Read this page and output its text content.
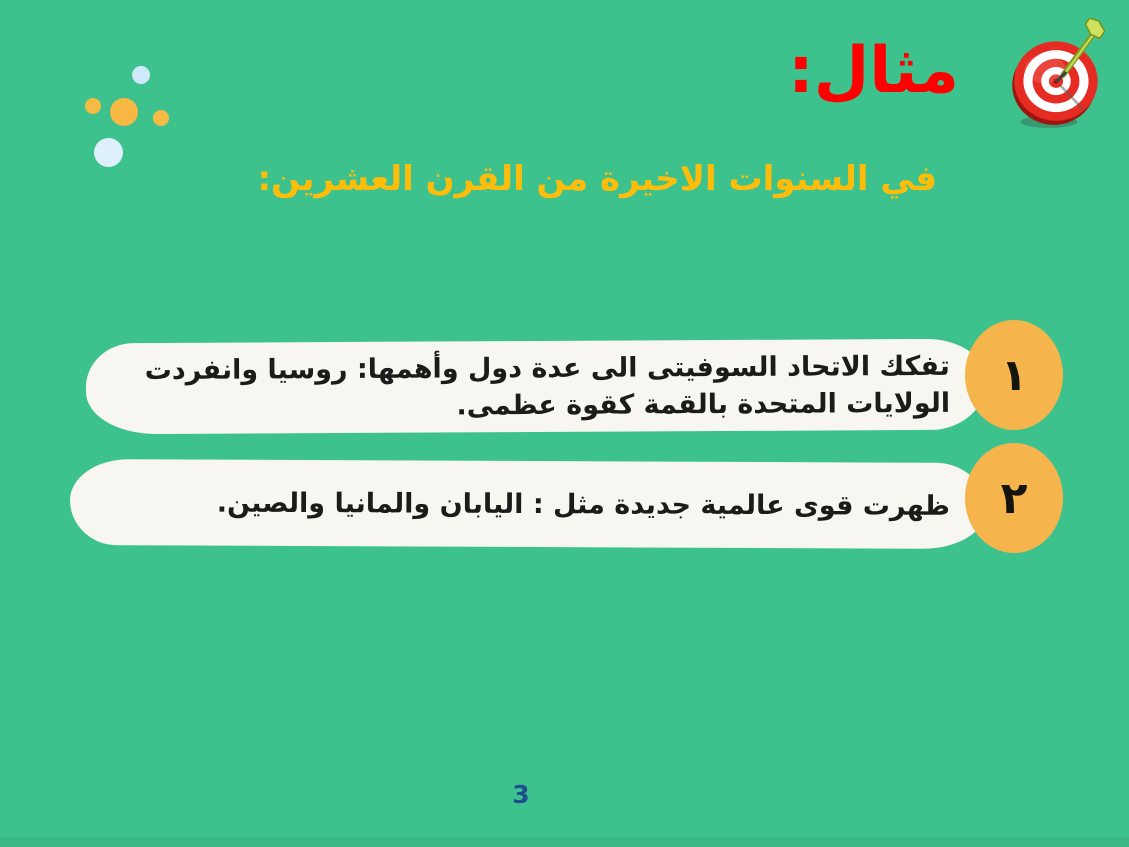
مثال:
في السنوات الاخيرة من القرن العشرين:

تفكك الاتحاد السوفيتى الى عدة دول وأهمها: روسيا وانفردت الولايات المتحدة بالقمة كقوة عظمى.

١

ظهرت قوى عالمية جديدة مثل : اليابان والمانيا والصين. ٢
3
